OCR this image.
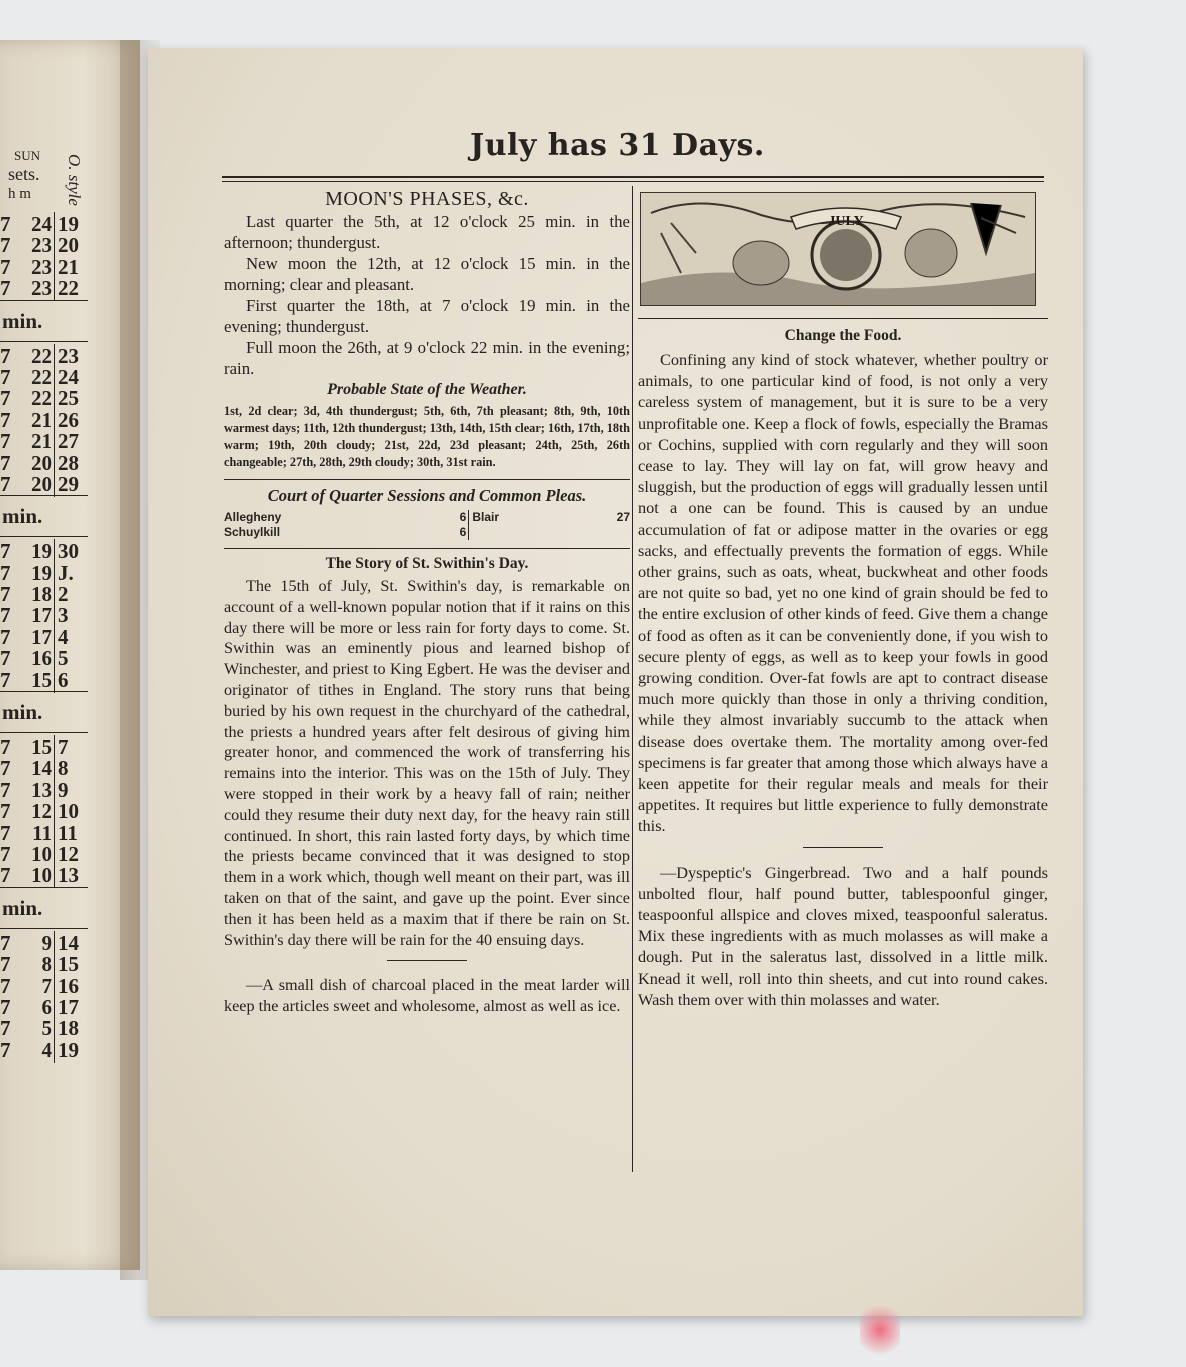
SUN
sets.
h m O. style
7 24 19
7 23 20
7 23 21
7 23 22
min.
7 22 23
7 22 24
7 22 25
7 21 26
7 21 27
7 20 28
7 20 29
min.
7 19 30
7 19 J.
7 18 2
7 17 3
7 17 4
7 16 5
7 15 6
min.
7 15 7
7 14 8
7 13 9
7 12 10
7 11 11
7 10 12
7 10 13
min.
7 9 14
7 8 15
7 7 16
7 6 17
7 5 18
7 4 19
July has 31 Days.
MOON'S PHASES, &c.

Last quarter the 5th, at 12 o'clock 25 min. in the afternoon; thundergust.

New moon the 12th, at 12 o'clock 15 min. in the morning; clear and pleasant.

First quarter the 18th, at 7 o'clock 19 min. in the evening; thundergust.

Full moon the 26th, at 9 o'clock 22 min. in the evening; rain.

Probable State of the Weather.

1st, 2d clear; 3d, 4th thundergust; 5th, 6th, 7th pleasant; 8th, 9th, 10th warmest days; 11th, 12th thundergust; 13th, 14th, 15th clear; 16th, 17th, 18th warm; 19th, 20th cloudy; 21st, 22d, 23d pleasant; 24th, 25th, 26th changeable; 27th, 28th, 29th cloudy; 30th, 31st rain.

Court of Quarter Sessions and Common Pleas.
Allegheny	6	Blair	27
Schuylkill	6		
The Story of St. Swithin's Day.

The 15th of July, St. Swithin's day, is remarkable on account of a well-known popular notion that if it rains on this day there will be more or less rain for forty days to come. St. Swithin was an eminently pious and learned bishop of Winchester, and priest to King Egbert. He was the deviser and originator of tithes in England. The story runs that being buried by his own request in the churchyard of the cathedral, the priests a hundred years after felt desirous of giving him greater honor, and commenced the work of transferring his remains into the interior. This was on the 15th of July. They were stopped in their work by a heavy fall of rain; neither could they resume their duty next day, for the heavy rain still continued. In short, this rain lasted forty days, by which time the priests became convinced that it was designed to stop them in a work which, though well meant on their part, was ill taken on that of the saint, and gave up the point. Ever since then it has been held as a maxim that if there be rain on St. Swithin's day there will be rain for the 40 ensuing days.

—A small dish of charcoal placed in the meat larder will keep the articles sweet and wholesome, almost as well as ice.

JULY
Change the Food.

Confining any kind of stock whatever, whether poultry or animals, to one particular kind of food, is not only a very careless system of management, but it is sure to be a very unprofitable one. Keep a flock of fowls, especially the Bramas or Cochins, supplied with corn regularly and they will soon cease to lay. They will lay on fat, will grow heavy and sluggish, but the production of eggs will gradually lessen until not a one can be found. This is caused by an undue accumulation of fat or adipose matter in the ovaries or egg sacks, and effectually prevents the formation of eggs. While other grains, such as oats, wheat, buckwheat and other foods are not quite so bad, yet no one kind of grain should be fed to the entire exclusion of other kinds of feed. Give them a change of food as often as it can be conveniently done, if you wish to secure plenty of eggs, as well as to keep your fowls in good growing condition. Over-fat fowls are apt to contract disease much more quickly than those in only a thriving condition, while they almost invariably succumb to the attack when disease does overtake them. The mortality among over-fed specimens is far greater that among those which always have a keen appetite for their regular meals and meals for their appetites. It requires but little experience to fully demonstrate this.

—Dyspeptic's Gingerbread. Two and a half pounds unbolted flour, half pound butter, tablespoonful ginger, teaspoonful allspice and cloves mixed, teaspoonful saleratus. Mix these ingredients with as much molasses as will make a dough. Put in the saleratus last, dissolved in a little milk. Knead it well, roll into thin sheets, and cut into round cakes. Wash them over with thin molasses and water.
